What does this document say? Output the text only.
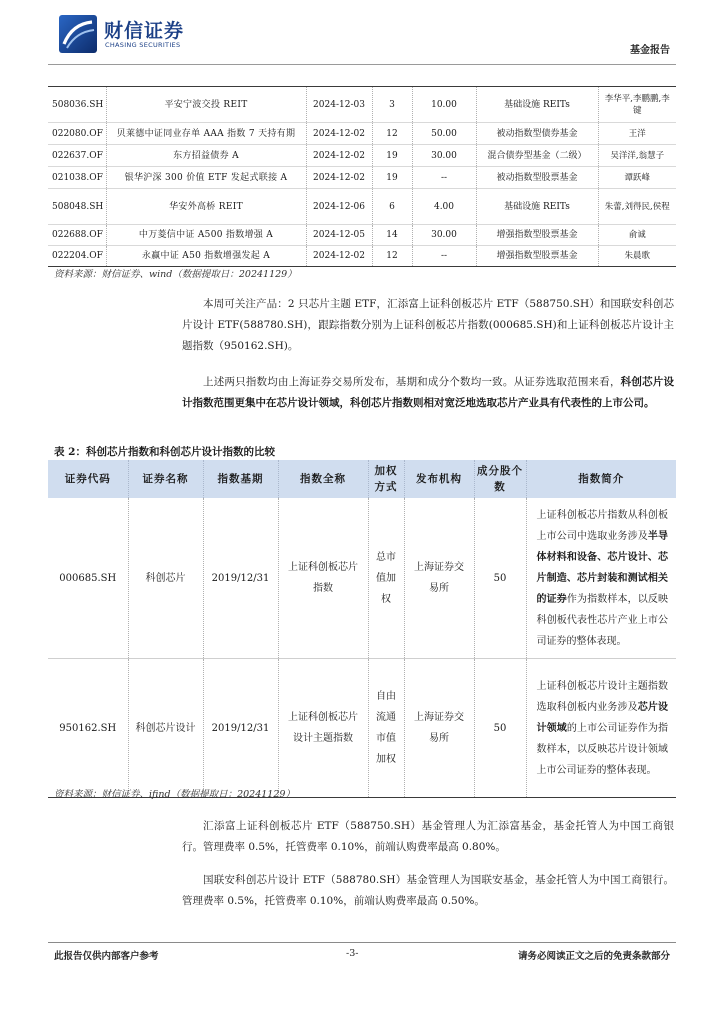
财信证券
CHASING SECURITIES	基金报告
508036.SH	平安宁波交投 REIT	2024-12-03	3	10.00	基础设施 REITs	李华平,李鹏鹏,李键
022080.OF	贝莱德中证同业存单 AAA 指数 7 天持有期	2024-12-02	12	50.00	被动指数型债券基金	王洋
022637.OF	东方招益债券 A	2024-12-02	19	30.00	混合债券型基金（二级）	吴洋洋,翁慧子
021038.OF	银华沪深 300 价值 ETF 发起式联接 A	2024-12-02	19	--	被动指数型股票基金	谭跃峰
508048.SH	华安外高桥 REIT	2024-12-06	6	4.00	基础设施 REITs	朱蕾,刘得民,侯程
022688.OF	中万菱信中证 A500 指数增强 A	2024-12-05	14	30.00	增强指数型股票基金	俞诚
022204.OF	永赢中证 A50 指数增强发起 A	2024-12-02	12	--	增强指数型股票基金	朱晨歌
资料来源：财信证券、wind（数据提取日：20241129）

本周可关注产品：2 只芯片主题 ETF，汇添富上证科创板芯片 ETF（588750.SH）和国联安科创芯片设计 ETF(588780.SH)，跟踪指数分别为上证科创板芯片指数(000685.SH)和上证科创板芯片设计主题指数（950162.SH)。

上述两只指数均由上海证券交易所发布，基期和成分个数均一致。从证券选取范围来看，科创芯片设计指数范围更集中在芯片设计领域，科创芯片指数则相对宽泛地选取芯片产业具有代表性的上市公司。

表 2：科创芯片指数和科创芯片设计指数的比较
证券代码	证券名称	指数基期	指数全称	加权方式	发布机构	成分股个数	指数简介
000685.SH	科创芯片	2019/12/31	上证科创板芯片指数	总市值加权	上海证券交易所	50	上证科创板芯片指数从科创板上市公司中选取业务涉及半导体材料和设备、芯片设计、芯片制造、芯片封装和测试相关的证券作为指数样本，以反映科创板代表性芯片产业上市公司证券的整体表现。
950162.SH	科创芯片设计	2019/12/31	上证科创板芯片设计主题指数	自由流通市值加权	上海证券交易所	50	上证科创板芯片设计主题指数选取科创板内业务涉及芯片设计领域的上市公司证券作为指数样本，以反映芯片设计领域上市公司证券的整体表现。
资料来源：财信证券、ifind（数据提取日：20241129）

汇添富上证科创板芯片 ETF（588750.SH）基金管理人为汇添富基金，基金托管人为中国工商银行。管理费率 0.5%，托管费率 0.10%，前端认购费率最高 0.80%。

国联安科创芯片设计 ETF（588780.SH）基金管理人为国联安基金，基金托管人为中国工商银行。管理费率 0.5%，托管费率 0.10%，前端认购费率最高 0.50%。

此报告仅供内部客户参考	-3-	请务必阅读正文之后的免责条款部分
